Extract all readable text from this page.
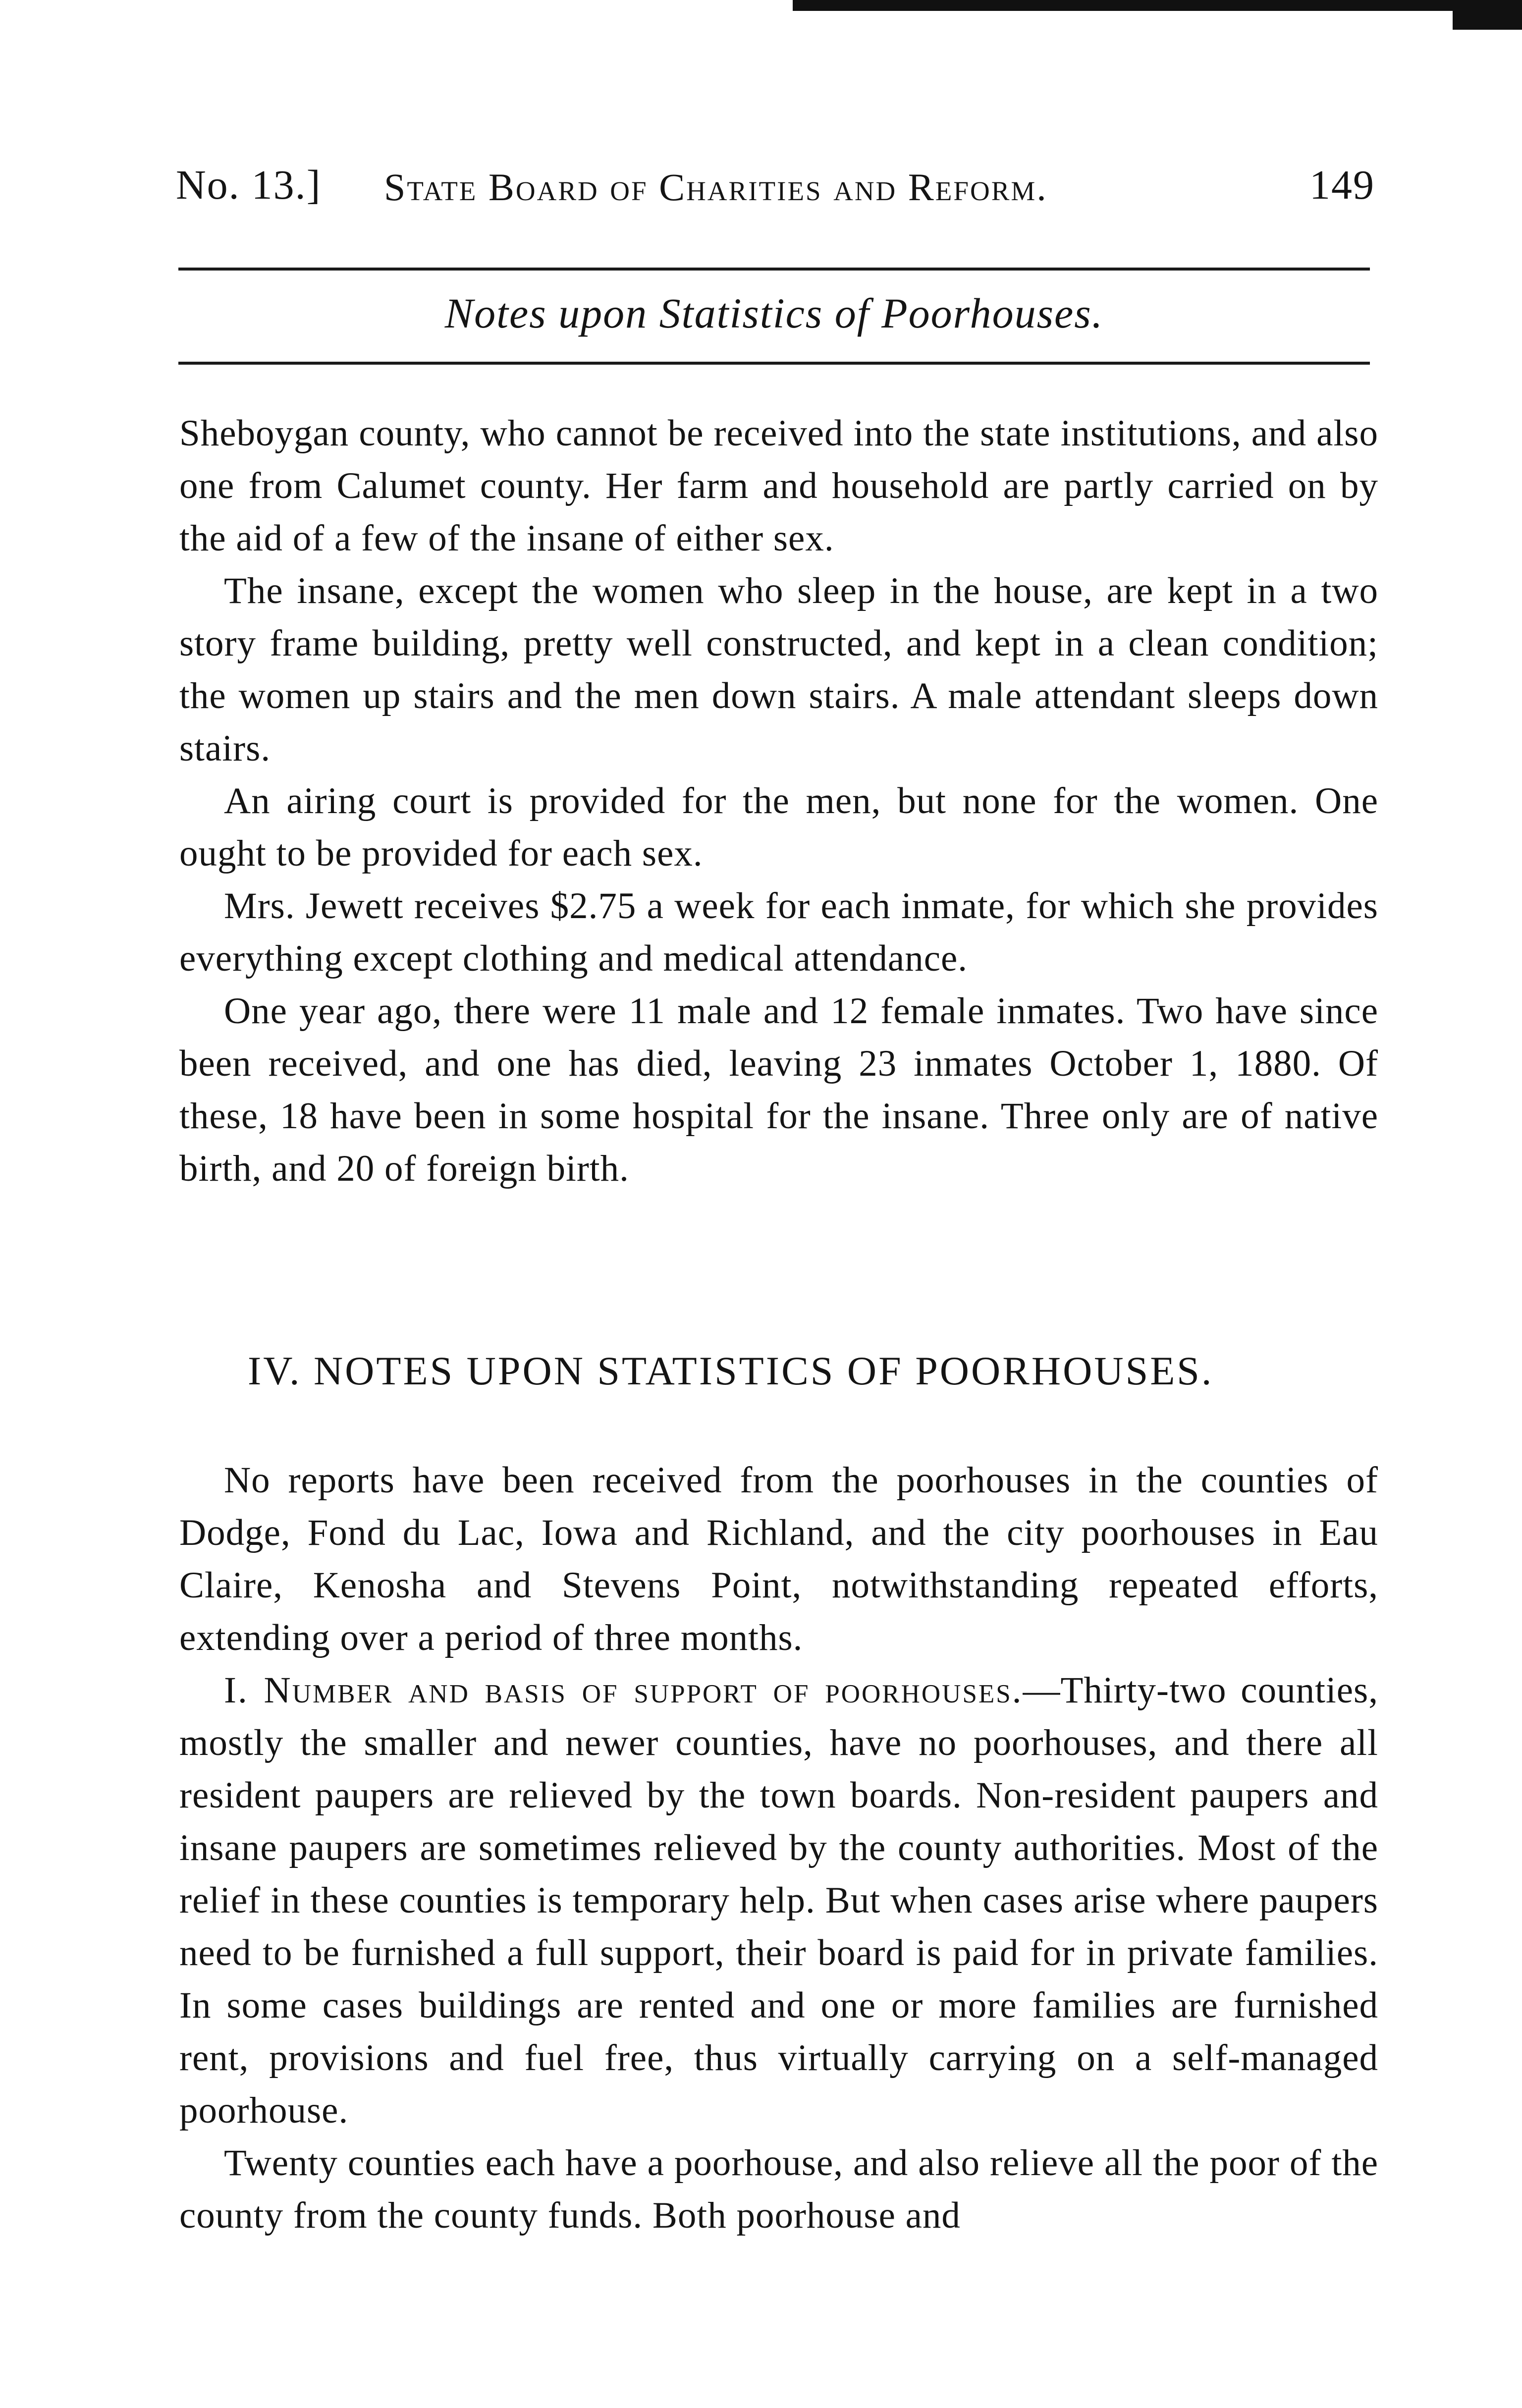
No. 13.] State Board of Charities and Reform.	149
Notes upon Statistics of Poorhouses.

Sheboygan county, who cannot be received into the state institutions, and also one from Calumet county. Her farm and household are partly carried on by the aid of a few of the insane of either sex.

The insane, except the women who sleep in the house, are kept in a two story frame building, pretty well constructed, and kept in a clean condition; the women up stairs and the men down stairs. A male attendant sleeps down stairs.

An airing court is provided for the men, but none for the women. One ought to be provided for each sex.

Mrs. Jewett receives $2.75 a week for each inmate, for which she provides everything except clothing and medical attendance.

One year ago, there were 11 male and 12 female inmates. Two have since been received, and one has died, leaving 23 inmates October 1, 1880. Of these, 18 have been in some hospital for the insane. Three only are of native birth, and 20 of foreign birth.

IV. NOTES UPON STATISTICS OF POORHOUSES.

No reports have been received from the poorhouses in the counties of Dodge, Fond du Lac, Iowa and Richland, and the city poorhouses in Eau Claire, Kenosha and Stevens Point, notwithstanding repeated efforts, extending over a period of three months.

I. Number and basis of support of poorhouses.—Thirty-two counties, mostly the smaller and newer counties, have no poorhouses, and there all resident paupers are relieved by the town boards. Non-resident paupers and insane paupers are sometimes relieved by the county authorities. Most of the relief in these counties is temporary help. But when cases arise where paupers need to be furnished a full support, their board is paid for in private families. In some cases buildings are rented and one or more families are furnished rent, provisions and fuel free, thus virtually carrying on a self-managed poorhouse.

Twenty counties each have a poorhouse, and also relieve all the poor of the county from the county funds. Both poorhouse and
